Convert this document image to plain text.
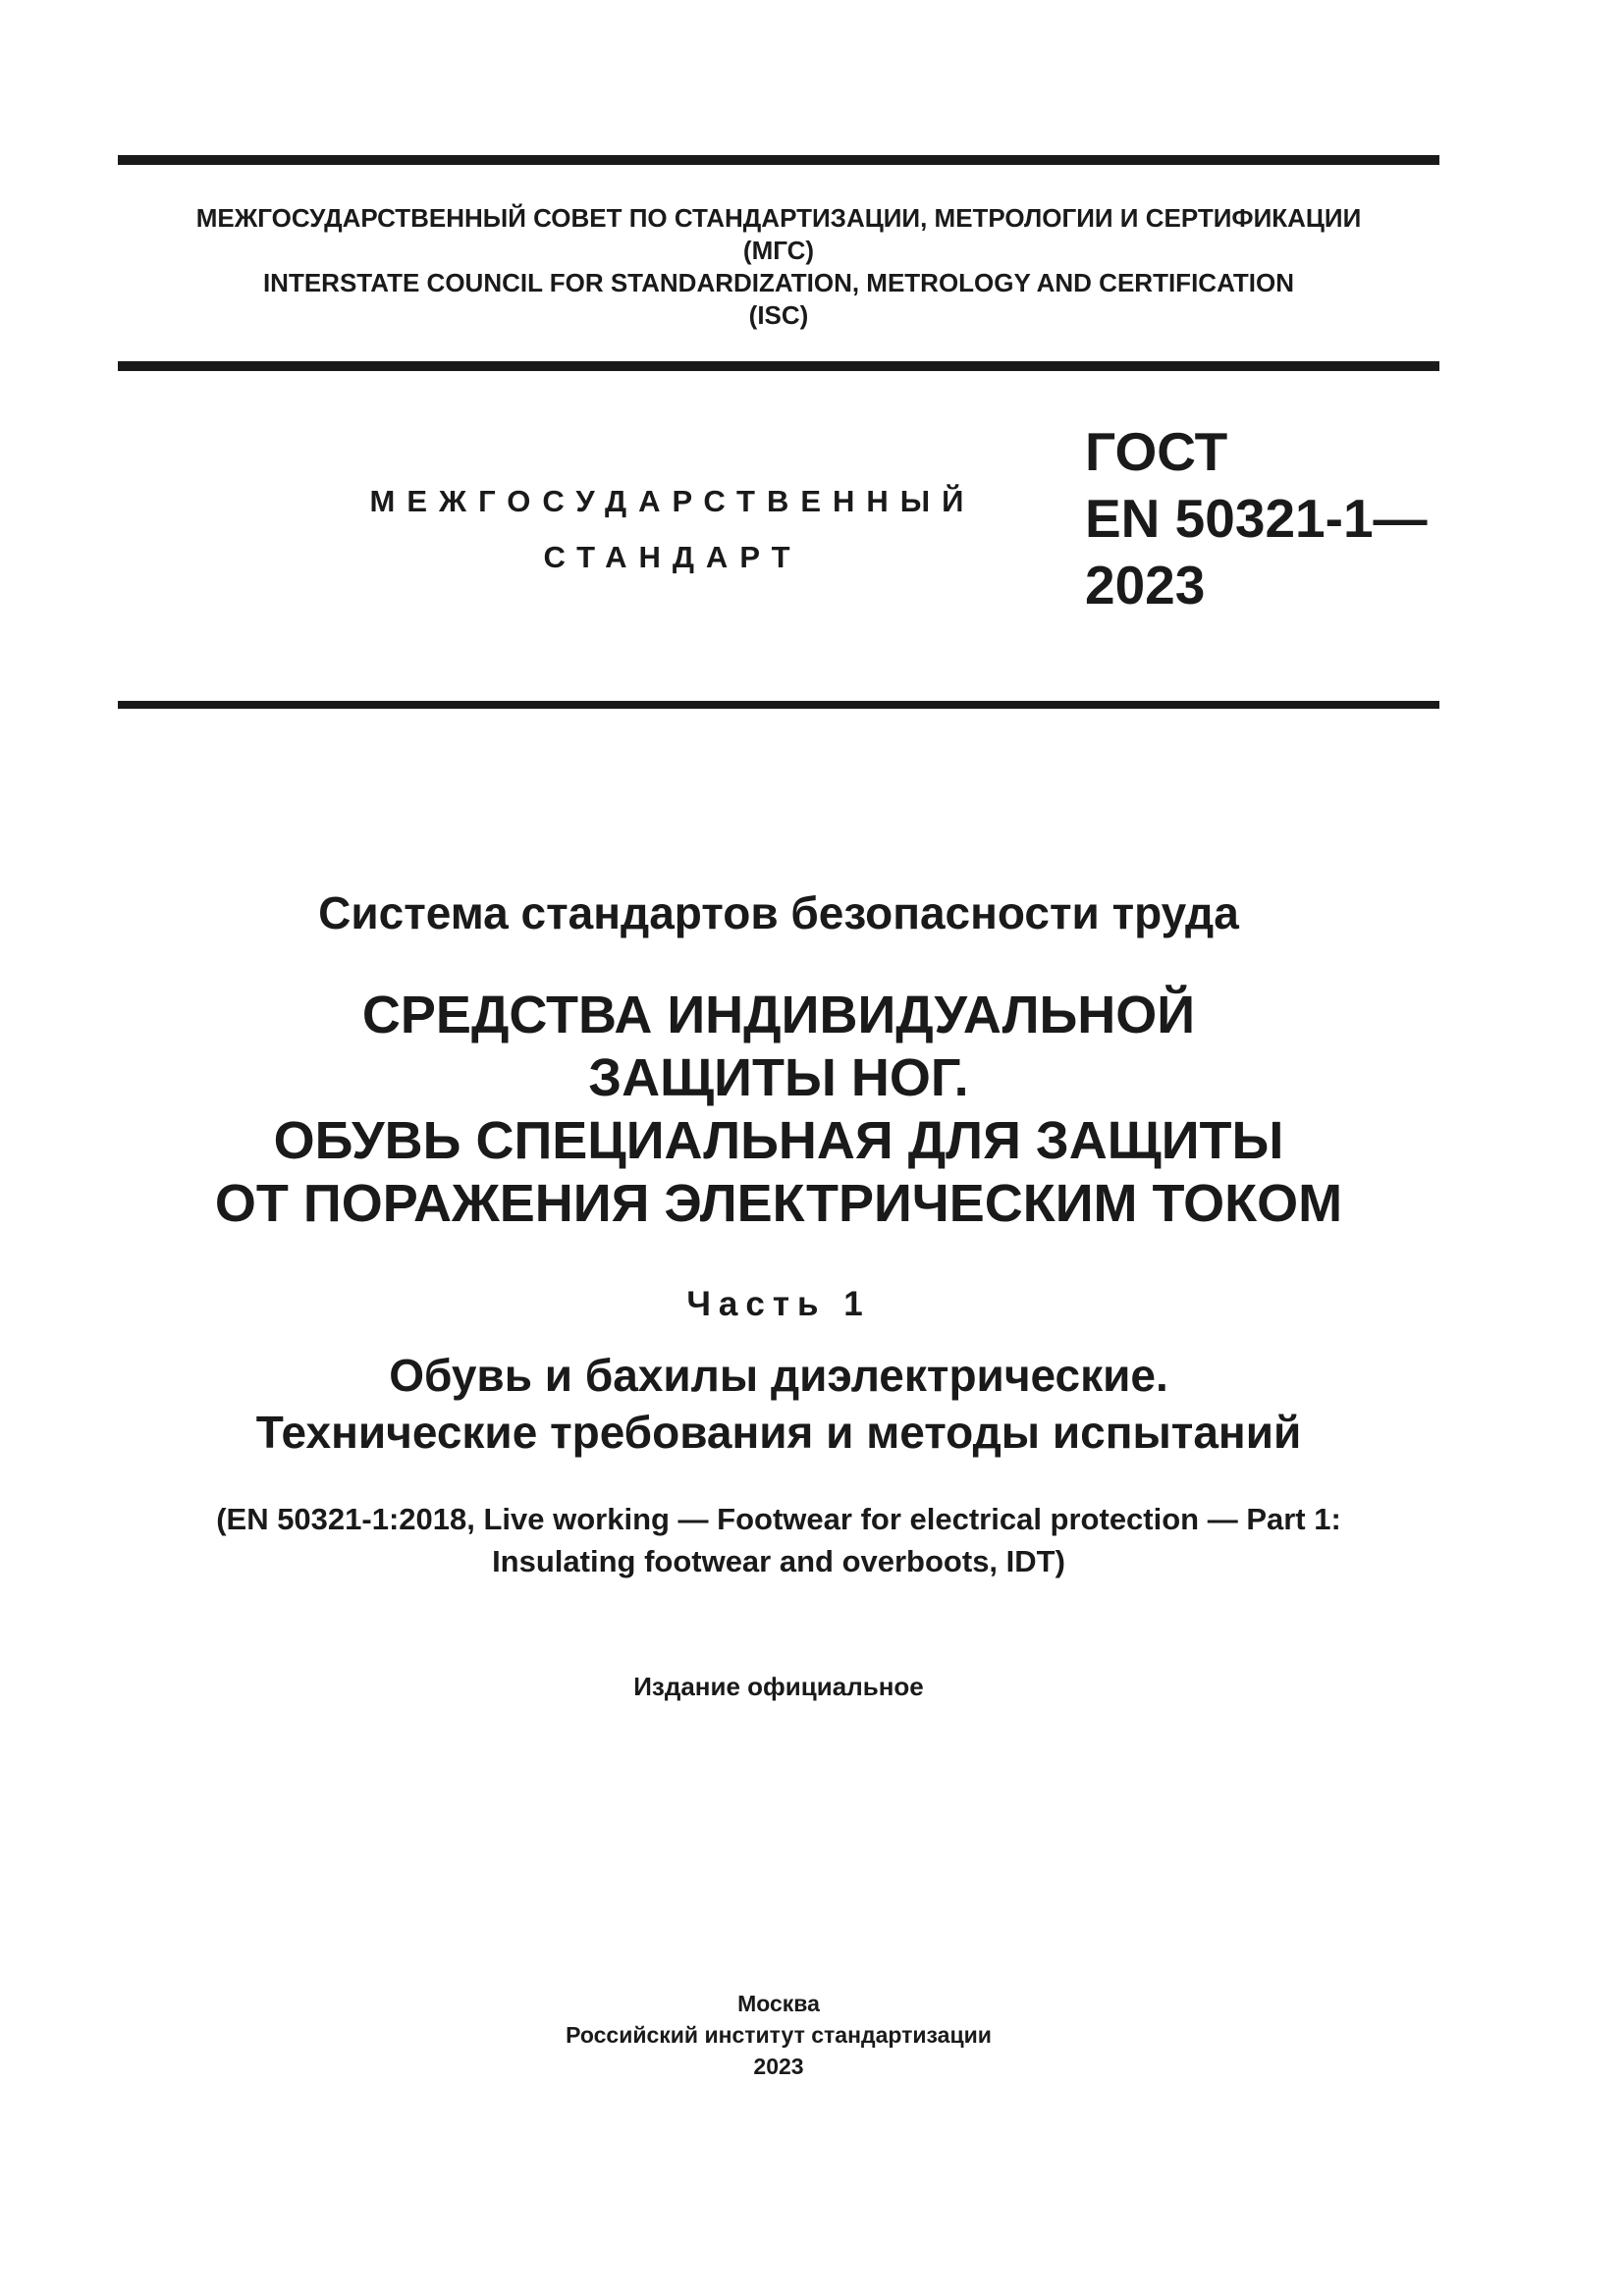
МЕЖГОСУДАРСТВЕННЫЙ СОВЕТ ПО СТАНДАРТИЗАЦИИ, МЕТРОЛОГИИ И СЕРТИФИКАЦИИ
(МГС)
INTERSTATE COUNCIL FOR STANDARDIZATION, METROLOGY AND CERTIFICATION
(ISC)
МЕЖГОСУДАРСТВЕННЫЙ
СТАНДАРТ
ГОСТ
EN 50321-1—
2023
Система стандартов безопасности труда
СРЕДСТВА ИНДИВИДУАЛЬНОЙ
ЗАЩИТЫ НОГ.
ОБУВЬ СПЕЦИАЛЬНАЯ ДЛЯ ЗАЩИТЫ
ОТ ПОРАЖЕНИЯ ЭЛЕКТРИЧЕСКИМ ТОКОМ
Часть 1
Обувь и бахилы диэлектрические.
Технические требования и методы испытаний
(EN 50321-1:2018, Live working — Footwear for electrical protection — Part 1:
Insulating footwear and overboots, IDT)
Издание официальное
Москва
Российский институт стандартизации
2023
